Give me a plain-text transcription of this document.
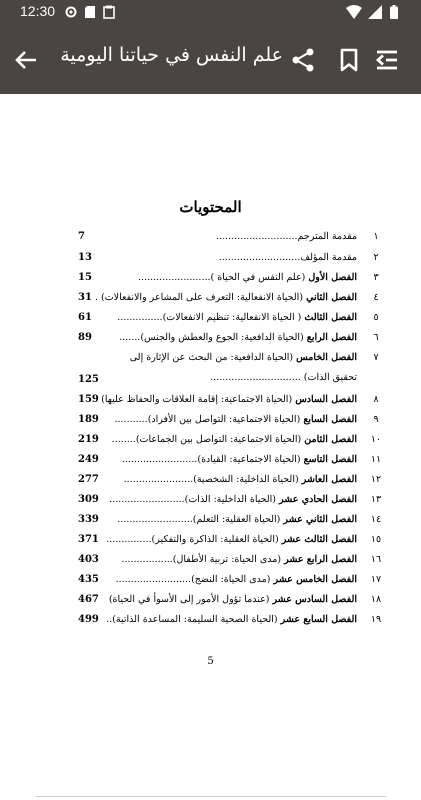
12:30
علم النفس في حياتنا اليومية
المحتويات
١
مقدمة المترجم...........................
7
٢
مقدمة المؤلف...........................
13
٣
الفصل الأول (علم النفس في الحياة )........................
15
٤
الفصل الثاني (الحياة الانفعالية: التعرف على المشاعر والانفعالات) .
31
٥
الفصل الثالث ( الحياة الانفعالية: تنظيم الانفعالات)...............
61
٦
الفصل الرابع (الحياة الدافعية: الجوع والعطش والجنس).......
89
٧
الفصل الخامس (الحياة الدافعية: من البحث عن الإثارة إلى
تحقيق الذات) ..............................
125
٨
الفصل السادس (الحياة الاجتماعية: إقامة العلاقات والحفاظ عليها)
159
٩
الفصل السابع (الحياة الاجتماعية: التواصل بين الأفراد)...........
189
١٠
الفصل الثامن (الحياة الاجتماعية: التواصل بين الجماعات)........
219
١١
الفصل التاسع (الحياة الاجتماعية: القيادة).........................
249
١٢
الفصل العاشر (الحياة الداخلية: الشخصية).......................
277
١٣
الفصل الحادي عشر (الحياة الداخلية: الذات).........................
309
١٤
الفصل الثاني عشر (الحياة العقلية: التعلم).........................
339
١٥
الفصل الثالث عشر (الحياة العقلية: الذاكرة والتفكير)...............
371
١٦
الفصل الرابع عشر (مدى الحياة: تربية الأطفال).................
403
١٧
الفصل الخامس عشر (مدى الحياة: النضج).........................
435
١٨
الفصل السادس عشر (عندما تؤول الأمور إلى الأسوأ في الحياة)
467
١٩
الفصل السابع عشر (الحياة الصحية السليمة: المساعدة الذاتية)..
499
5
